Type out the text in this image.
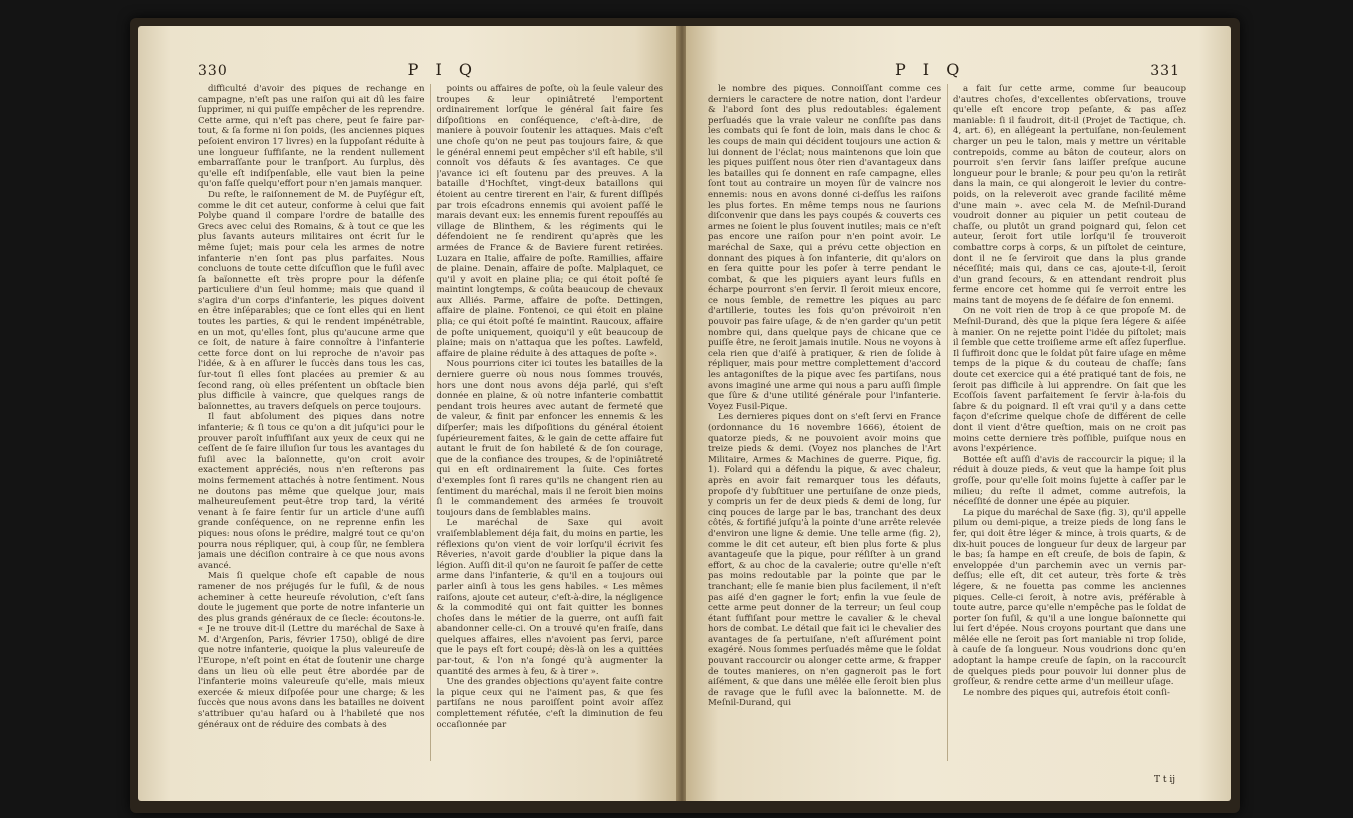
330	P I Q

difficulté d'avoir des piques de rechange en campagne, n'eſt pas une raiſon qui ait dû les faire ſupprimer, ni qui puiſſe empêcher de les reprendre. Cette arme, qui n'eſt pas chere, peut ſe faire par-tout, & ſa forme ni ſon poids, (les anciennes piques peſoient environ 17 livres) en la ſuppoſant réduite à une longueur ſuffiſante, ne la rendent nullement embarraſſante pour le tranſport. Au ſurplus, dès qu'elle eſt indiſpenſable, elle vaut bien la peine qu'on faſſe quelqu'effort pour n'en jamais manquer.

Du reſte, le raiſonnement de M. de Puyſégur eſt, comme le dit cet auteur, conforme à celui que fait Polybe quand il compare l'ordre de bataille des Grecs avec celui des Romains, & à tout ce que les plus ſavants auteurs militaires ont écrit ſur le même ſujet; mais pour cela les armes de notre infanterie n'en ſont pas plus parfaites. Nous concluons de toute cette diſcuſſion que le fuſil avec ſa baïonnette eſt très propre pour la défenſe particuliere d'un ſeul homme; mais que quand il s'agira d'un corps d'infanterie, les piques doivent en être inſéparables; que ce ſont elles qui en lient toutes les parties, & qui le rendent impénétrable, en un mot, qu'elles ſont, plus qu'aucune arme que ce ſoit, de nature à faire connoître à l'infanterie cette force dont on lui reproche de n'avoir pas l'idée, & à en aſſurer le ſuccès dans tous les cas, ſur-tout ſi elles ſont placées au premier & au ſecond rang, où elles préſentent un obſtacle bien plus difficile à vaincre, que quelques rangs de baïonnettes, au travers deſquels on perce toujours.

Il faut abſolument des piques dans notre infanterie; & ſi tous ce qu'on a dit juſqu'ici pour le prouver paroît inſuffiſant aux yeux de ceux qui ne ceſſent de ſe faire illuſion ſur tous les avantages du fuſil avec la baïonnette, qu'on croit avoir exactement appréciés, nous n'en reſterons pas moins fermement attachés à notre ſentiment. Nous ne doutons pas même que quelque jour, mais malheureuſement peut-être trop tard, la vérité venant à ſe faire ſentir ſur un article d'une auſſi grande conſéquence, on ne reprenne enfin les piques: nous oſons le prédire, malgré tout ce qu'on pourra nous répliquer, qui, à coup ſûr, ne ſemblera jamais une déciſion contraire à ce que nous avons avancé.

Mais ſi quelque choſe eſt capable de nous ramener de nos préjugés ſur le fuſil, & de nous acheminer à cette heureuſe révolution, c'eſt ſans doute le jugement que porte de notre infanterie un des plus grands généraux de ce ſiecle: écoutons-le. « Je ne trouve dit-il (Lettre du maréchal de Saxe à M. d'Argenſon, Paris, février 1750), obligé de dire que notre infanterie, quoique la plus valeureuſe de l'Europe, n'eſt point en état de ſoutenir une charge dans un lieu où elle peut être abordée par de l'infanterie moins valeureuſe qu'elle, mais mieux exercée & mieux diſpoſée pour une charge; & les ſuccès que nous avons dans les batailles ne doivent s'attribuer qu'au haſard ou à l'habileté que nos généraux ont de réduire des combats à des

points ou affaires de poſte, où la ſeule valeur des troupes & leur opiniâtreté l'emportent ordinairement lorſque le général ſait faire ſes diſpoſitions en conſéquence, c'eſt-à-dire, de maniere à pouvoir ſoutenir les attaques. Mais c'eſt une choſe qu'on ne peut pas toujours faire, & que le général ennemi peut empêcher s'il eſt habile, s'il connoît vos défauts & ſes avantages. Ce que j'avance ici eſt ſoutenu par des preuves. A la bataille d'Hochſtet, vingt-deux bataillons qui étoient au centre tirerent en l'air, & furent diſſipés par trois eſcadrons ennemis qui avoient paſſé le marais devant eux: les ennemis furent repouſſés au village de Blinthem, & les régiments qui le défendoient ne ſe rendirent qu'après que les armées de France & de Baviere furent retirées. Luzara en Italie, affaire de poſte. Ramillies, affaire de plaine. Denain, affaire de poſte. Malplaquet, ce qu'il y avoit en plaine plia; ce qui étoit poſté ſe maintint longtemps, & coûta beaucoup de chevaux aux Alliés. Parme, affaire de poſte. Dettingen, affaire de plaine. Fontenoi, ce qui étoit en plaine plia; ce qui étoit poſté ſe maintint. Raucoux, affaire de poſte uniquement, quoiqu'il y eût beaucoup de plaine; mais on n'attaqua que les poſtes. Lawfeld, affaire de plaine réduite à des attaques de poſte ».

Nous pourrions citer ici toutes les batailles de la derniere guerre où nous nous ſommes trouvés, hors une dont nous avons déja parlé, qui s'eſt donnée en plaine, & où notre infanterie combattit pendant trois heures avec autant de fermeté que de valeur, & finit par enfoncer les ennemis & les diſperſer; mais les diſpoſitions du général étoient ſupérieurement faites, & le gain de cette affaire fut autant le fruit de ſon habileté & de ſon courage, que de la confiance des troupes, & de l'opiniâtreté qui en eſt ordinairement la ſuite. Ces fortes d'exemples ſont ſi rares qu'ils ne changent rien au ſentiment du maréchal, mais il ne ſeroit bien moins ſi le commandement des armées ſe trouvoit toujours dans de ſemblables mains.

Le maréchal de Saxe qui avoit vraiſemblablement déja fait, du moins en partie, les réflexions qu'on vient de voir lorſqu'il écrivit ſes Rêveries, n'avoit garde d'oublier la pique dans la légion. Auſſi dit-il qu'on ne ſauroit ſe paſſer de cette arme dans l'infanterie, & qu'il en a toujours oui parler ainſi à tous les gens habiles. « Les mêmes raiſons, ajoute cet auteur, c'eſt-à-dire, la négligence & la commodité qui ont fait quitter les bonnes choſes dans le métier de la guerre, ont auſſi fait abandonner celle-ci. On a trouvé qu'en fraiſe, dans quelques affaires, elles n'avoient pas ſervi, parce que le pays eſt fort coupé; dès-là on les a quittées par-tout, & l'on n'a ſongé qu'à augmenter la quantité des armes à feu, & à tirer ».

Une des grandes objections qu'ayent faite contre la pique ceux qui ne l'aiment pas, & que ſes partiſans ne nous paroiſſent point avoir aſſez complettement réfutée, c'eſt la diminution de feu occaſionnée par

P I Q	331

le nombre des piques. Connoiſſant comme ces derniers le caractere de notre nation, dont l'ardeur & l'abord ſont des plus redoutables: également perſuadés que la vraie valeur ne conſiſte pas dans les combats qui ſe font de loin, mais dans le choc & les coups de main qui décident toujours une action & lui donnent de l'éclat; nous maintenons que loin que les piques puiſſent nous ôter rien d'avantageux dans les batailles qui ſe donnent en raſe campagne, elles ſont tout au contraire un moyen ſûr de vaincre nos ennemis: nous en avons donné ci-deſſus les raiſons les plus fortes. En même temps nous ne ſaurions diſconvenir que dans les pays coupés & couverts ces armes ne ſoient le plus ſouvent inutiles; mais ce n'eſt pas encore une raiſon pour n'en point avoir. Le maréchal de Saxe, qui a prévu cette objection en donnant des piques à ſon infanterie, dit qu'alors on en ſera quitte pour les poſer à terre pendant le combat, & que les piquiers ayant leurs fuſils en écharpe pourront s'en ſervir. Il ſeroit mieux encore, ce nous ſemble, de remettre les piques au parc d'artillerie, toutes les fois qu'on prévoiroit n'en pouvoir pas faire uſage, & de n'en garder qu'un petit nombre qui, dans quelque pays de chicane que ce puiſſe être, ne ſeroit jamais inutile. Nous ne voyons à cela rien que d'aiſé à pratiquer, & rien de ſolide à répliquer, mais pour mettre complettement d'accord les antagoniſtes de la pique avec ſes partiſans, nous avons imaginé une arme qui nous a paru auſſi ſimple que ſûre & d'une utilité générale pour l'infanterie. Voyez Fusil-Pique.

Les dernieres piques dont on s'eſt ſervi en France (ordonnance du 16 novembre 1666), étoient de quatorze pieds, & ne pouvoient avoir moins que treize pieds & demi. (Voyez nos planches de l'Art Militaire, Armes & Machines de guerre. Pique, fig. 1). Folard qui a défendu la pique, & avec chaleur, après en avoir fait remarquer tous les défauts, propoſe d'y ſubſtituer une pertuiſane de onze pieds, y compris un fer de deux pieds & demi de long, ſur cinq pouces de large par le bas, tranchant des deux côtés, & fortifié juſqu'à la pointe d'une arrête relevée d'environ une ligne & demie. Une telle arme (fig. 2), comme le dit cet auteur, eſt bien plus forte & plus avantageuſe que la pique, pour réſiſter à un grand effort, & au choc de la cavalerie; outre qu'elle n'eſt pas moins redoutable par la pointe que par le tranchant; elle ſe manie bien plus facilement, il n'eſt pas aiſé d'en gagner le fort; enfin la vue ſeule de cette arme peut donner de la terreur; un ſeul coup étant ſuffiſant pour mettre le cavalier & le cheval hors de combat. Le détail que fait ici le chevalier des avantages de ſa pertuiſane, n'eſt aſſurément point exagéré. Nous ſommes perſuadés même que le ſoldat pouvant raccourcir ou alonger cette arme, & frapper de toutes manieres, on n'en gagneroit pas le fort aiſément, & que dans une mêlée elle ſeroit bien plus de ravage que le fuſil avec la baïonnette. M. de Meſnil-Durand, qui

a fait ſur cette arme, comme ſur beaucoup d'autres choſes, d'excellentes obſervations, trouve qu'elle eſt encore trop peſante, & pas aſſez maniable: ſi il faudroit, dit-il (Projet de Tactique, ch. 4, art. 6), en allégeant la pertuiſane, non-ſeulement charger un peu le talon, mais y mettre un véritable contrepoids, comme au bâton de couteur, alors on pourroit s'en ſervir ſans laiſſer preſque aucune longueur pour le branle; & pour peu qu'on la retirât dans la main, ce qui alongeroit le levier du contre-poids, on la releveroit avec grande facilité même d'une main ». avec cela M. de Meſnil-Durand voudroit donner au piquier un petit couteau de chaſſe, ou plutôt un grand poignard qui, ſelon cet auteur, ſeroit fort utile lorſqu'il ſe trouveroit combattre corps à corps, & un piſtolet de ceinture, dont il ne ſe ſerviroit que dans la plus grande néceſſité; mais qui, dans ce cas, ajoute-t-il, ſeroit d'un grand ſecours, & en attendant rendroit plus ferme encore cet homme qui ſe verroit entre les mains tant de moyens de ſe défaire de ſon ennemi.

On ne voit rien de trop à ce que propoſe M. de Meſnil-Durand, dès que la pique ſera légere & aiſée à manier. On ne rejette point l'idée du piſtolet; mais il ſemble que cette troiſieme arme eſt aſſez ſuperflue. Il ſuffiroit donc que le ſoldat pût faire uſage en même temps de la pique & du couteau de chaſſe; ſans doute cet exercice qui a été pratiqué tant de fois, ne ſeroit pas difficile à lui apprendre. On ſait que les Ecoſſois ſavent parfaitement ſe ſervir à-la-fois du ſabre & du poignard. Il eſt vrai qu'il y a dans cette façon d'eſcrime quelque choſe de différent de celle dont il vient d'être queſtion, mais on ne croit pas moins cette derniere très poſſible, puiſque nous en avons l'expérience.

Bottée eſt auſſi d'avis de raccourcir la pique; il la réduit à douze pieds, & veut que la hampe ſoit plus groſſe, pour qu'elle ſoit moins ſujette à caſſer par le milieu; du reſte il admet, comme autrefois, la néceſſité de donner une épée au piquier.

La pique du maréchal de Saxe (fig. 3), qu'il appelle pilum ou demi-pique, a treize pieds de long ſans le fer, qui doit être léger & mince, à trois quarts, & de dix-huit pouces de longueur ſur deux de largeur par le bas; ſa hampe en eſt creuſe, de bois de ſapin, & enveloppée d'un parchemin avec un vernis par-deſſus; elle eſt, dit cet auteur, très forte & très légere, & ne fouetta pas comme les anciennes piques. Celle-ci ſeroit, à notre avis, préférable à toute autre, parce qu'elle n'empêche pas le ſoldat de porter ſon fuſil, & qu'il a une longue baïonnette qui lui ſert d'épée. Nous croyons pourtant que dans une mêlée elle ne ſeroit pas ſort maniable ni trop ſolide, à cauſe de ſa longueur. Nous voudrions donc qu'en adoptant la hampe creuſe de ſapin, on la raccourcît de quelques pieds pour pouvoir lui donner plus de groſſeur, & rendre cette arme d'un meilleur uſage.

Le nombre des piques qui, autrefois étoit conſi-

T t ij
